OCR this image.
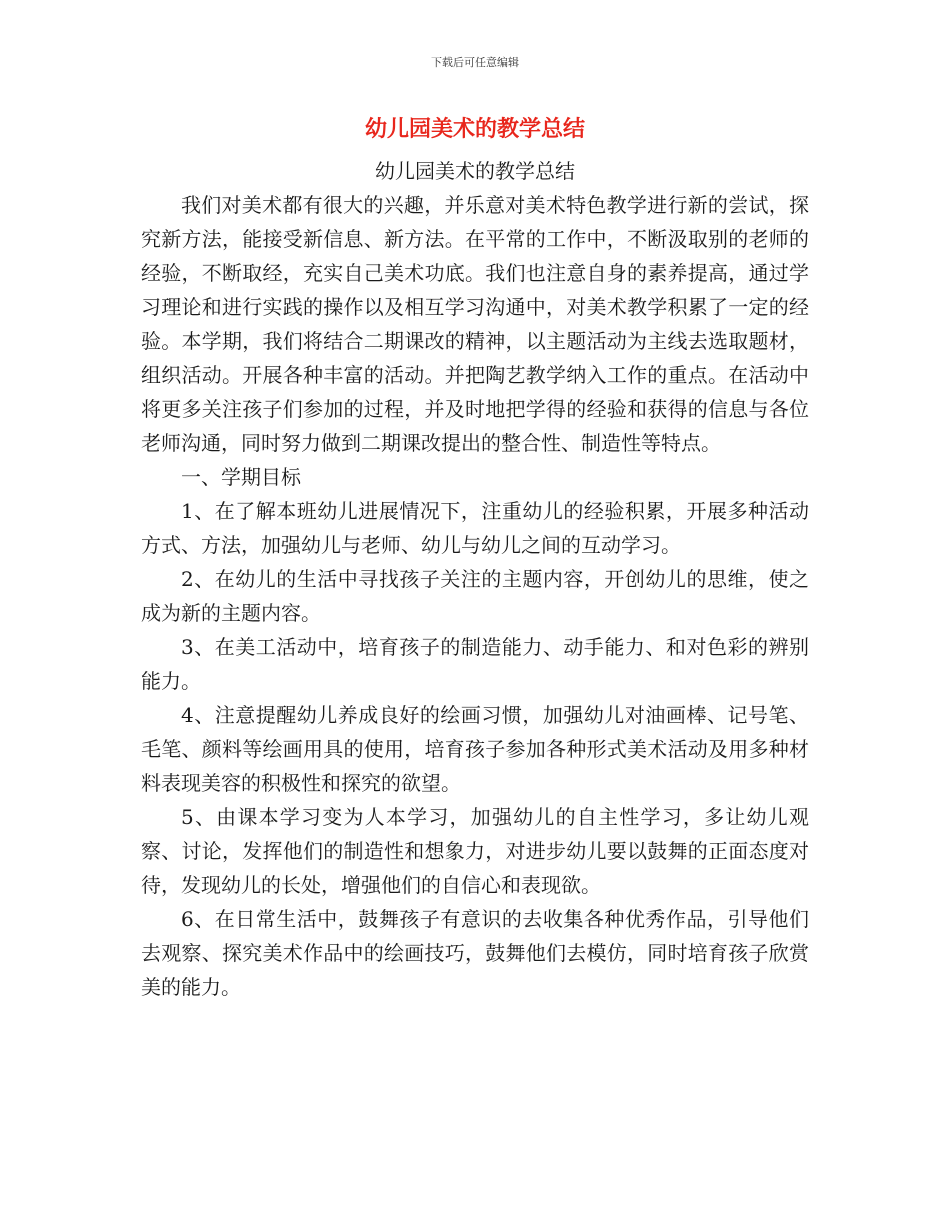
下载后可任意编辑
幼儿园美术的教学总结

幼儿园美术的教学总结

我们对美术都有很大的兴趣，并乐意对美术特色教学进行新的尝试，探究新方法，能接受新信息、新方法。在平常的工作中，不断汲取别的老师的经验，不断取经，充实自己美术功底。我们也注意自身的素养提高，通过学习理论和进行实践的操作以及相互学习沟通中，对美术教学积累了一定的经验。本学期，我们将结合二期课改的精神，以主题活动为主线去选取题材，组织活动。开展各种丰富的活动。并把陶艺教学纳入工作的重点。在活动中将更多关注孩子们参加的过程，并及时地把学得的经验和获得的信息与各位老师沟通，同时努力做到二期课改提出的整合性、制造性等特点。

一、学期目标

1、在了解本班幼儿进展情况下，注重幼儿的经验积累，开展多种活动方式、方法，加强幼儿与老师、幼儿与幼儿之间的互动学习。

2、在幼儿的生活中寻找孩子关注的主题内容，开创幼儿的思维，使之成为新的主题内容。

3、在美工活动中，培育孩子的制造能力、动手能力、和对色彩的辨别能力。

4、注意提醒幼儿养成良好的绘画习惯，加强幼儿对油画棒、记号笔、毛笔、颜料等绘画用具的使用，培育孩子参加各种形式美术活动及用多种材料表现美容的积极性和探究的欲望。

5、由课本学习变为人本学习，加强幼儿的自主性学习，多让幼儿观察、讨论，发挥他们的制造性和想象力，对进步幼儿要以鼓舞的正面态度对待，发现幼儿的长处，增强他们的自信心和表现欲。

6、在日常生活中，鼓舞孩子有意识的去收集各种优秀作品，引导他们去观察、探究美术作品中的绘画技巧，鼓舞他们去模仿，同时培育孩子欣赏美的能力。
